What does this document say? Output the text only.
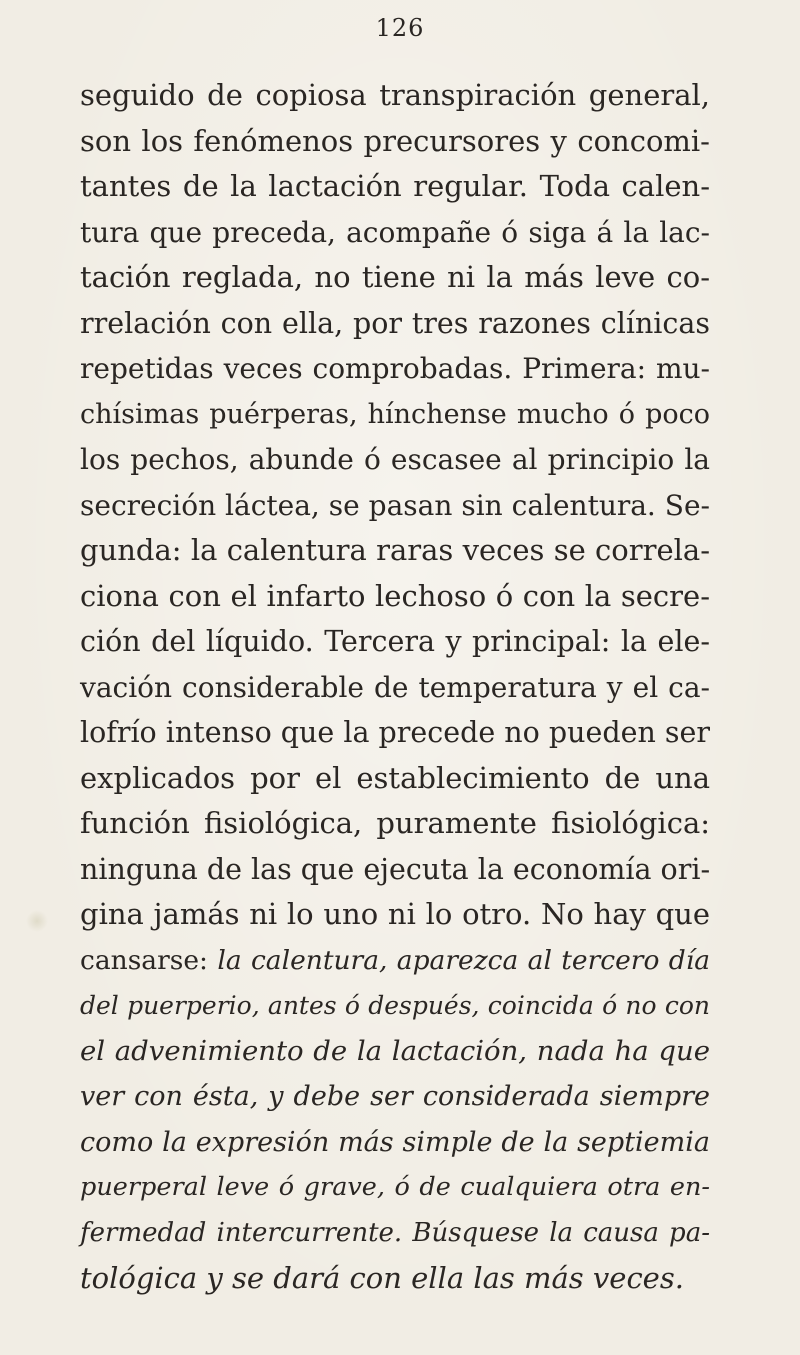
126
seguido de copiosa transpiración general,
son los fenómenos precursores y concomi-
tantes de la lactación regular. Toda calen-
tura que preceda, acompañe ó siga á la lac-
tación reglada, no tiene ni la más leve co-
rrelación con ella, por tres razones clínicas
repetidas veces comprobadas. Primera: mu-
chísimas puérperas, hínchense mucho ó poco
los pechos, abunde ó escasee al principio la
secreción láctea, se pasan sin calentura. Se-
gunda: la calentura raras veces se correla-
ciona con el infarto lechoso ó con la secre-
ción del líquido. Tercera y principal: la ele-
vación considerable de temperatura y el ca-
lofrío intenso que la precede no pueden ser
explicados por el establecimiento de una
función fisiológica, puramente fisiológica:
ninguna de las que ejecuta la economía ori-
gina jamás ni lo uno ni lo otro. No hay que
cansarse: la calentura, aparezca al tercero día
del puerperio, antes ó después, coincida ó no con
el advenimiento de la lactación, nada ha que
ver con ésta, y debe ser considerada siempre
como la expresión más simple de la septiemia
puerperal leve ó grave, ó de cualquiera otra en-
fermedad intercurrente. Búsquese la causa pa-
tológica y se dará con ella las más veces.
